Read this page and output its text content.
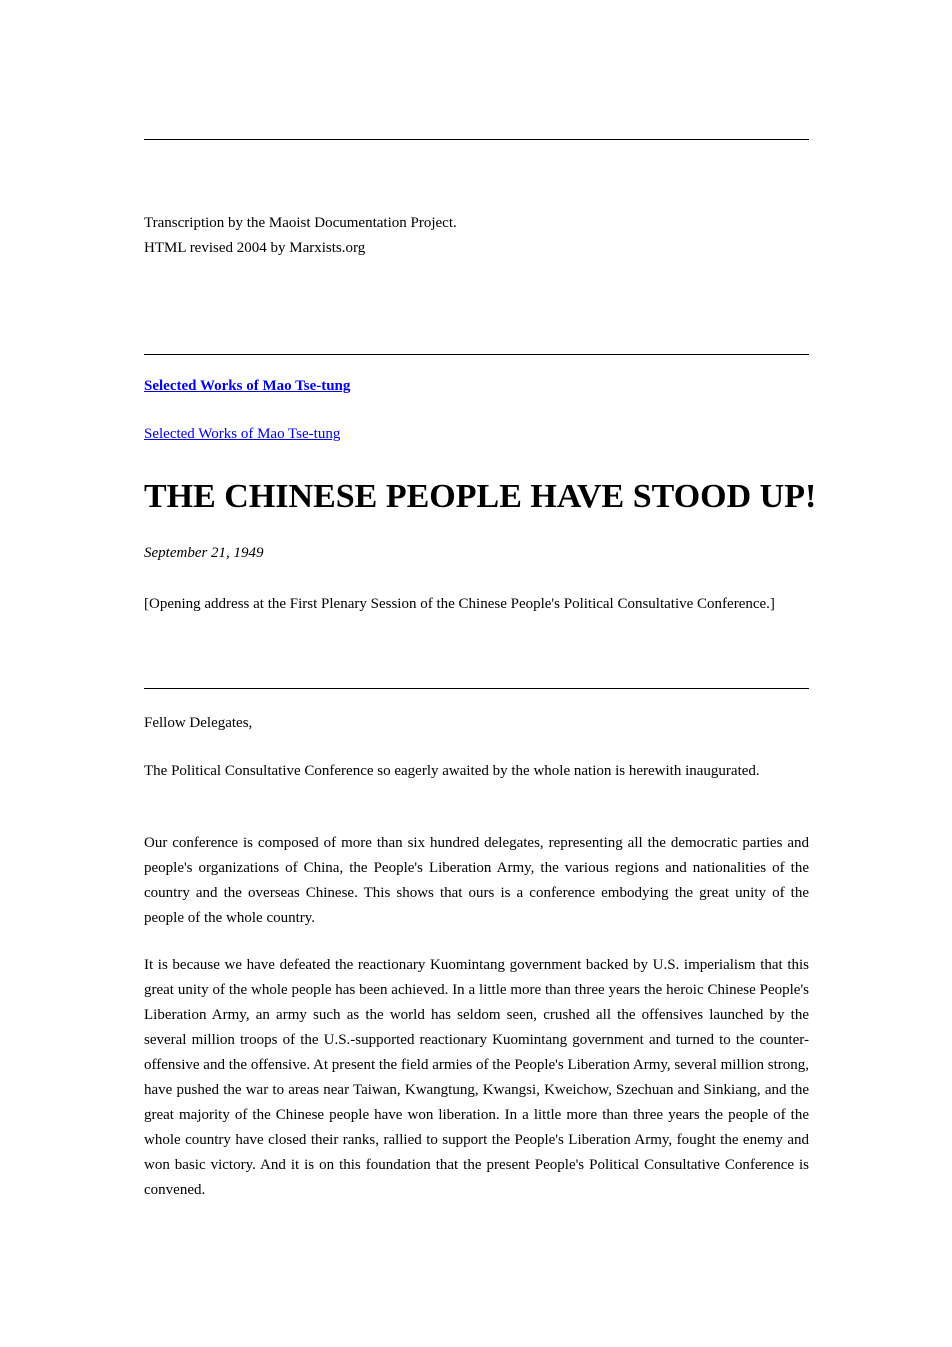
Transcription by the Maoist Documentation Project.
HTML revised 2004 by Marxists.org
Selected Works of Mao Tse-tung
Selected Works of Mao Tse-tung
THE CHINESE PEOPLE HAVE STOOD UP!
September 21, 1949

[Opening address at the First Plenary Session of the Chinese People's Political Consultative Conference.]

Fellow Delegates,

The Political Consultative Conference so eagerly awaited by the whole nation is herewith inaugurated.

Our conference is composed of more than six hundred delegates, representing all the democratic parties and people's organizations of China, the People's Liberation Army, the various regions and nationalities of the country and the overseas Chinese. This shows that ours is a conference embodying the great unity of the people of the whole country.

It is because we have defeated the reactionary Kuomintang government backed by U.S. imperialism that this great unity of the whole people has been achieved. In a little more than three years the heroic Chinese People's Liberation Army, an army such as the world has seldom seen, crushed all the offensives launched by the several million troops of the U.S.-supported reactionary Kuomintang government and turned to the counter-offensive and the offensive. At present the field armies of the People's Liberation Army, several million strong, have pushed the war to areas near Taiwan, Kwangtung, Kwangsi, Kweichow, Szechuan and Sinkiang, and the great majority of the Chinese people have won liberation. In a little more than three years the people of the whole country have closed their ranks, rallied to support the People's Liberation Army, fought the enemy and won basic victory. And it is on this foundation that the present People's Political Consultative Conference is convened.
